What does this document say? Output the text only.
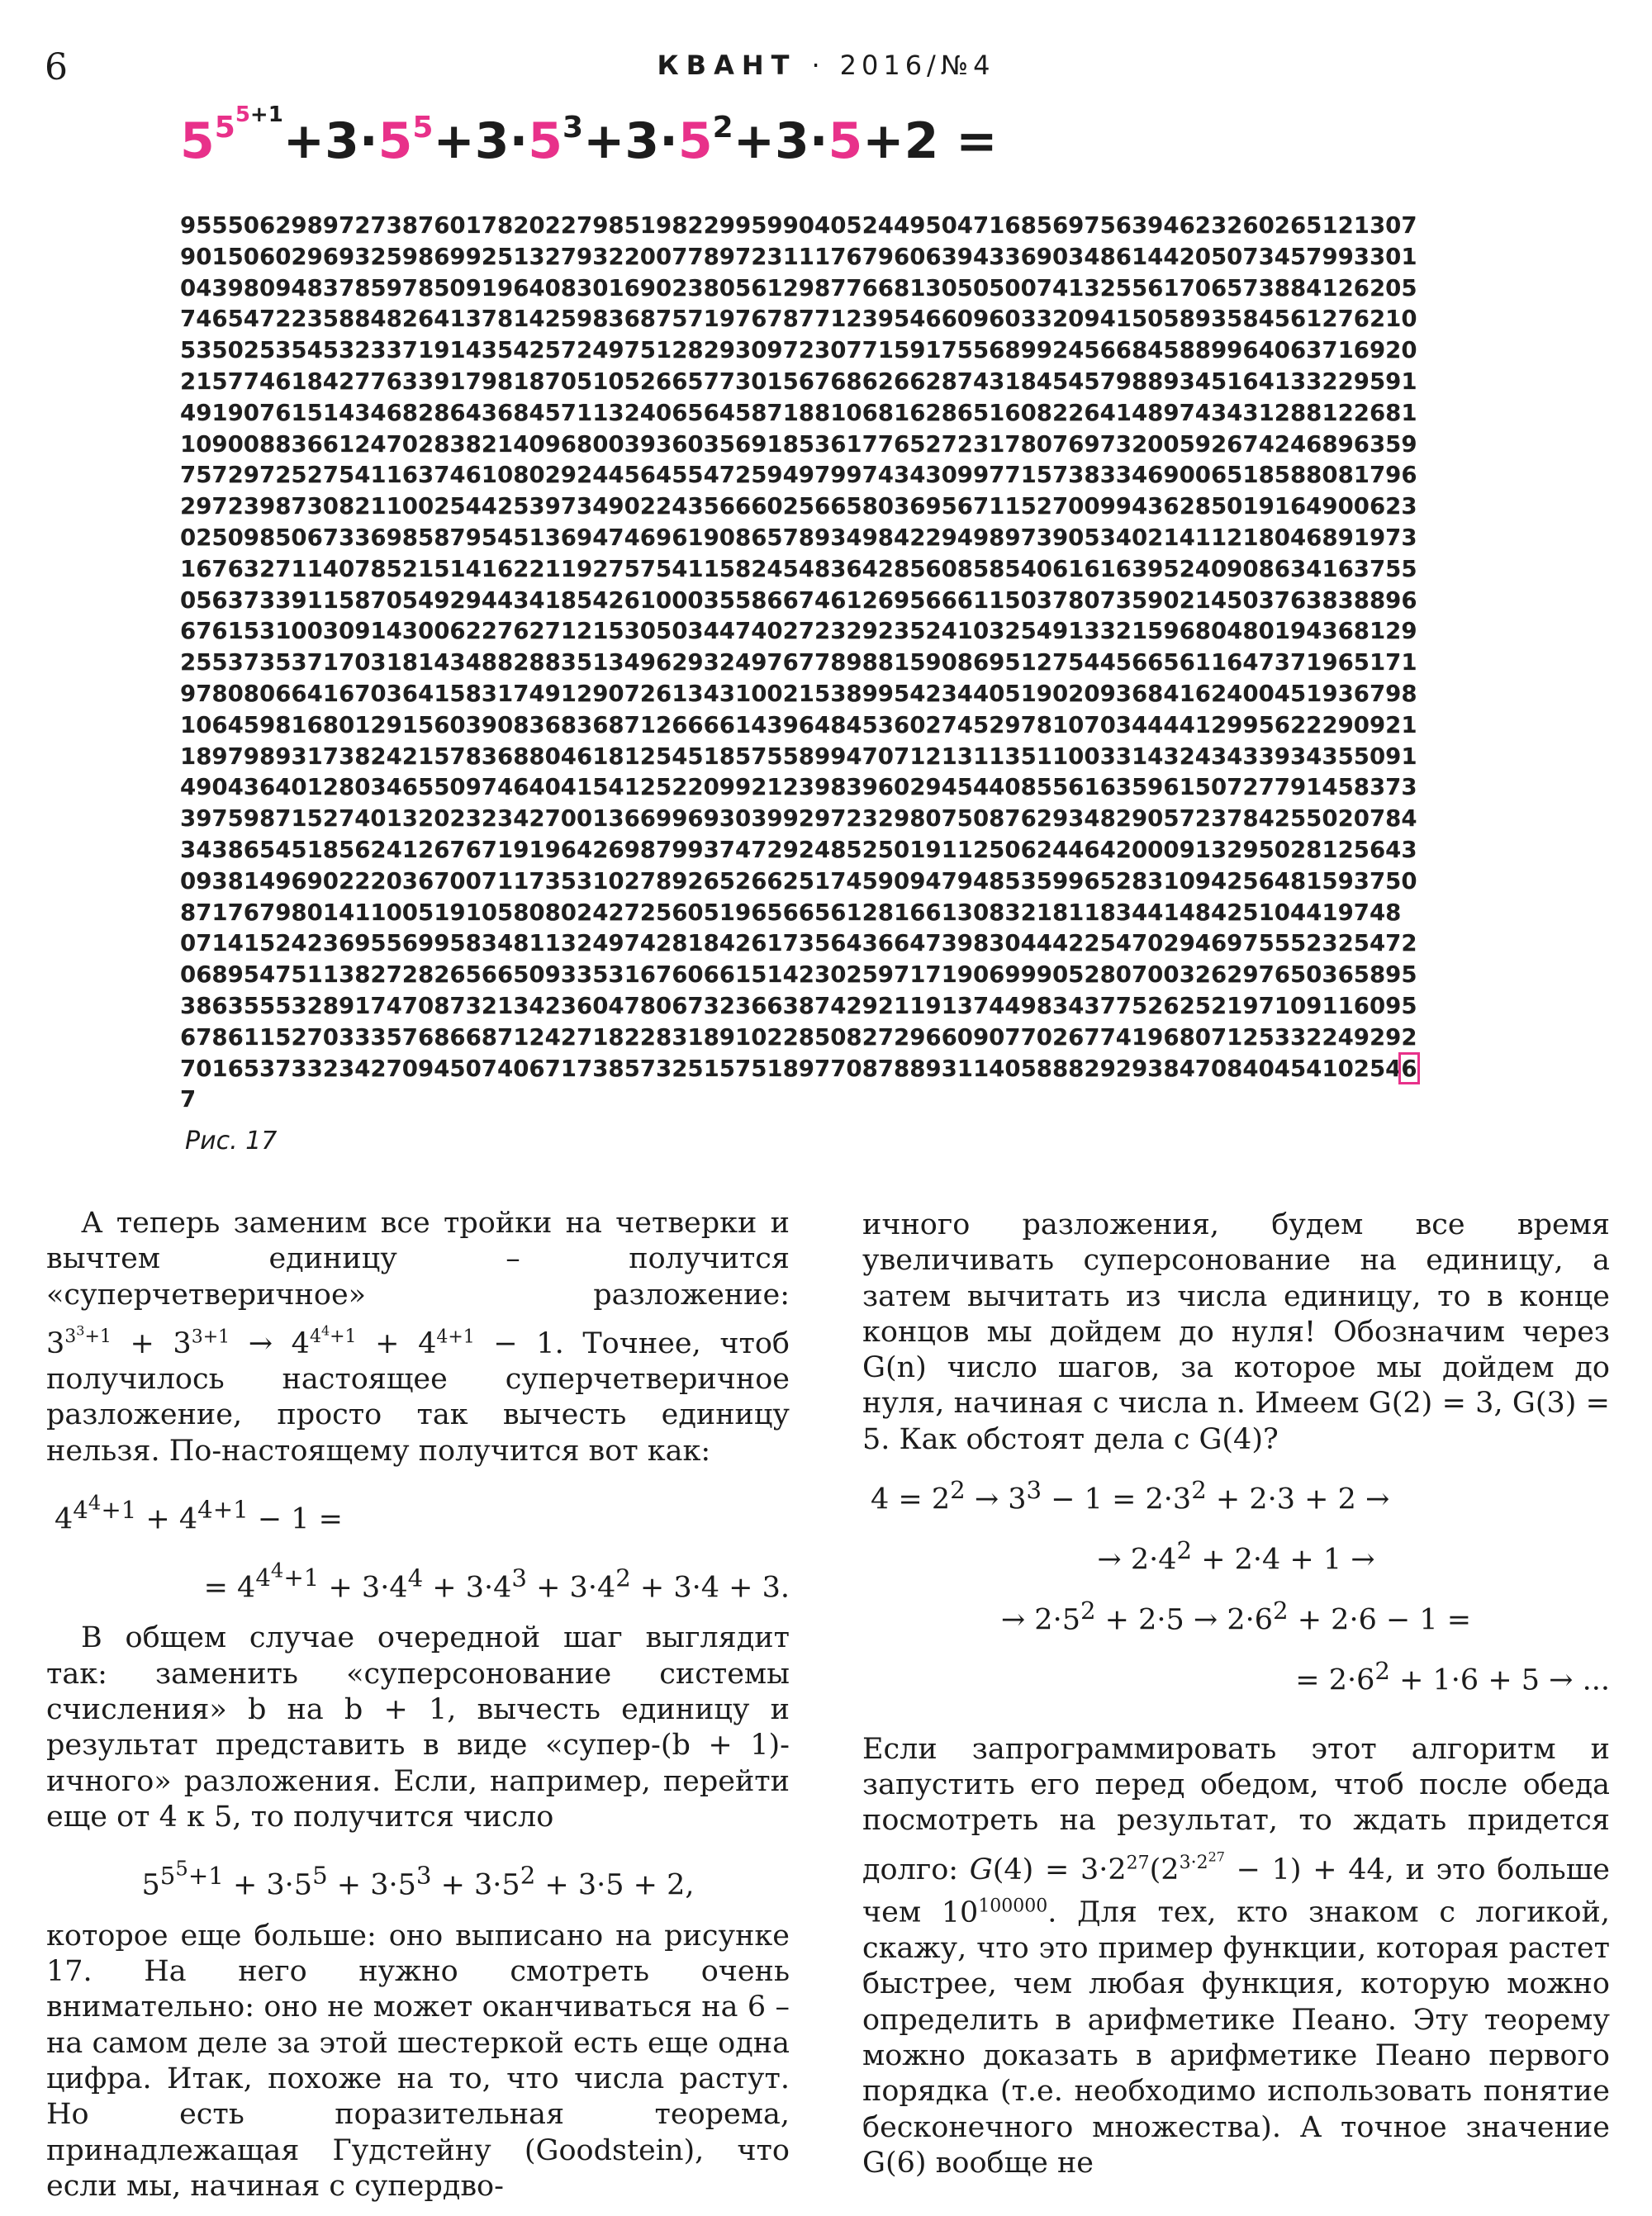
6	КВАНТ · 2016/№4
$5^{5^{5+1}}+3\cdot 5^5+3\cdot 5^3+3\cdot 5^2+3\cdot 5+2$ =
955506298972738760178202279851982299599040524495047168569756394623260265121307
901506029693259869925132793220077897231117679606394336903486144205073457993301
043980948378597850919640830169023805612987766813050500741325561706573884126205
746547223588482641378142598368757197678771239546609603320941505893584561276210
535025354532337191435425724975128293097230771591755689924566845889964063716920
215774618427763391798187051052665773015676862662874318454579889345164133229591
491907615143468286436845711324065645871881068162865160822641489743431288122681
109008836612470283821409680039360356918536177652723178076973200592674246896359
757297252754116374610802924456455472594979974343099771573833469006518588081796
297239873082110025442539734902243566602566580369567115270099436285019164900623
025098506733698587954513694746961908657893498422949897390534021411218046891973
167632711407852151416221192757541158245483642856085854061616395240908634163755
056373391158705492944341854261000355866746126956661150378073590214503763838896
676153100309143006227627121530503447402723292352410325491332159680480194368129
255373537170318143488288351349629324976778988159086951275445665611647371965171
978080664167036415831749129072613431002153899542344051902093684162400451936798
106459816801291560390836836871266661439648453602745297810703444412995622290921
189798931738242157836880461812545185755899470712131135110033143243433934355091
490436401280346550974640415412522099212398396029454408556163596150727791458373
397598715274013202323427001366996930399297232980750876293482905723784255020784
343865451856241267671919642698799374729248525019112506244642000913295028125643
093814969022203670071173531027892652662517459094794853599652831094256481593750
87176798014110051910580802427256051965665612816613083218118344148425104419748
071415242369556995834811324974281842617356436647398304442254702946975552325472
068954751138272826566509335316760661514230259717190699905280700326297650365895
386355532891747087321342360478067323663874292119137449834377526252197109116095
678611527033357686687124271822831891022850827296609077026774196807125332249292
701653733234270945074067173857325157518977087889311405888292938470840454102546
7
Рис. 17

А теперь заменим все тройки на четверки и вычтем единицу – получится «суперчетверичное» разложение: $3^{3^3+1} + 3^{3+1} \to 4^{4^4+1} + 4^{4+1} - 1$. Точнее, чтоб получилось настоящее суперчетверичное разложение, просто так вычесть единицу нельзя. По-настоящему получится вот как:

$4^{4^4+1} + 4^{4+1} - 1$ =
= $4^{4^4+1} + 3\cdot 4^4 + 3\cdot 4^3 + 3\cdot 4^2 + 3\cdot 4 + 3$.

В общем случае очередной шаг выглядит так: заменить «суперсонование системы счисления» b на b + 1, вычесть единицу и результат представить в виде «супер-(b + 1)-ичного» разложения. Если, например, перейти еще от 4 к 5, то получится число

$5^{5^5+1} + 3\cdot 5^5 + 3\cdot 5^3 + 3\cdot 5^2 + 3\cdot 5 + 2$,

которое еще больше: оно выписано на рисунке 17. На него нужно смотреть очень внимательно: оно не может оканчиваться на 6 – на самом деле за этой шестеркой есть еще одна цифра. Итак, похоже на то, что числа растут. Но есть поразительная теорема, принадлежащая Гудстейну (Goodstein), что если мы, начиная с супердво-

ичного разложения, будем все время увеличивать суперсонование на единицу, а затем вычитать из числа единицу, то в конце концов мы дойдем до нуля! Обозначим через G(n) число шагов, за которое мы дойдем до нуля, начиная с числа n. Имеем G(2) = 3, G(3) = 5. Как обстоят дела с G(4)?

$4 = 2^2 \to 3^3 - 1 = 2\cdot 3^2 + 2\cdot 3 + 2$ →
→ $2\cdot 4^2 + 2\cdot 4 + 1$ →
→ $2\cdot 5^2 + 2\cdot 5 \to 2\cdot 6^2 + 2\cdot 6 - 1$ =
= $2\cdot 6^2 + 1\cdot 6 + 5$ → ...

Если запрограммировать этот алгоритм и запустить его перед обедом, чтоб после обеда посмотреть на результат, то ждать придется долго: $G(4) = 3\cdot 2^{27}(2^{3\cdot 2^{27}} - 1) + 44$, и это больше чем $10^{100000}$. Для тех, кто знаком с логикой, скажу, что это пример функции, которая растет быстрее, чем любая функция, которую можно определить в арифметике Пеано. Эту теорему можно доказать в арифметике Пеано первого порядка (т.е. необходимо использовать понятие бесконечного множества). А точное значение G(6) вообще не
